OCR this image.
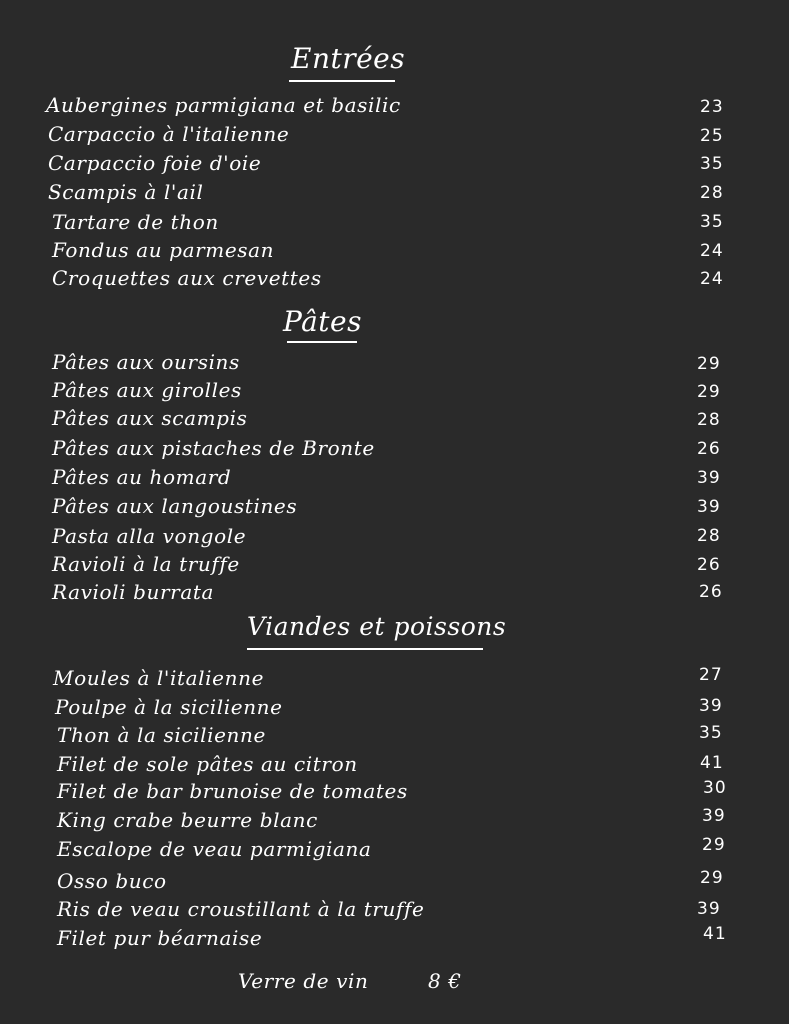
Entrées
Aubergines parmigiana et basilic	23
Carpaccio à l'italienne	25
Carpaccio foie d'oie	35
Scampis à l'ail	28
Tartare de thon	35
Fondus au parmesan	24
Croquettes aux crevettes	24
Pâtes
Pâtes aux oursins	29
Pâtes aux girolles	29
Pâtes aux scampis	28
Pâtes aux pistaches de Bronte	26
Pâtes au homard	39
Pâtes aux langoustines	39
Pasta alla vongole	28
Ravioli à la truffe	26
Ravioli burrata	26
Viandes et poissons
Moules à l'italienne	27
Poulpe à la sicilienne	39
Thon à la sicilienne	35
Filet de sole pâtes au citron	41
Filet de bar brunoise de tomates	30
King crabe beurre blanc	39
Escalope de veau parmigiana	29
Osso buco	29
Ris de veau croustillant à la truffe	39
Filet pur béarnaise	41
Verre de vin	8 €
